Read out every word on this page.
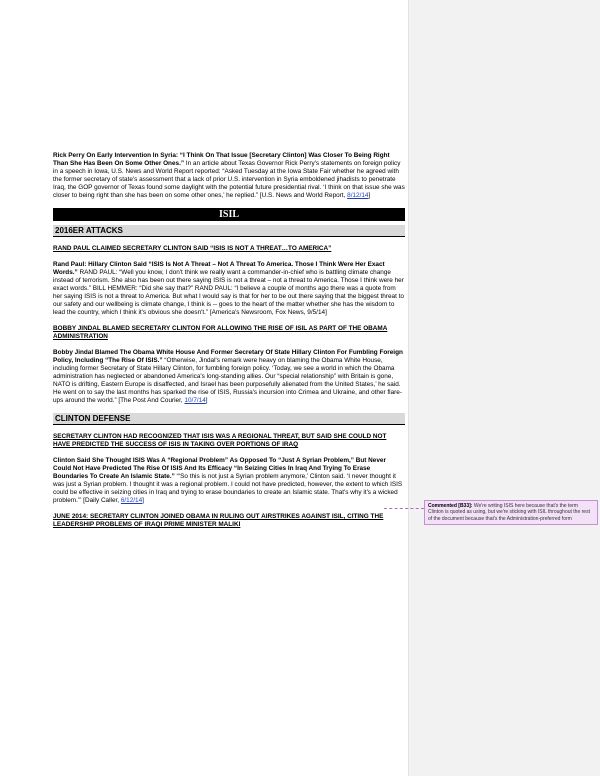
Rick Perry On Early Intervention In Syria: “I Think On That Issue [Secretary Clinton] Was Closer To Being Right Than She Has Been On Some Other Ones.” In an article about Texas Governor Rick Perry's statements on foreign policy in a speech in Iowa, U.S. News and World Report reported: “Asked Tuesday at the Iowa State Fair whether he agreed with the former secretary of state's assessment that a lack of prior U.S. intervention in Syria emboldened jihadists to penetrate Iraq, the GOP governor of Texas found some daylight with the potential future presidential rival. ‘I think on that issue she was closer to being right than she has been on some other ones,’ he replied.” [U.S. News and World Report, 8/12/14]

ISIL
2016ER ATTACKS

RAND PAUL CLAIMED SECRETARY CLINTON SAID “ISIS IS NOT A THREAT…TO AMERICA”

Rand Paul: Hillary Clinton Said “ISIS Is Not A Threat – Not A Threat To America. Those I Think Were Her Exact Words.” RAND PAUL: “Well you know, I don't think we really want a commander-in-chief who is battling climate change instead of terrorism. She also has been out there saying ISIS is not a threat – not a threat to America. Those I think were her exact words.” BILL HEMMER: “Did she say that?” RAND PAUL: “I believe a couple of months ago there was a quote from her saying ISIS is not a threat to America. But what I would say is that for her to be out there saying that the biggest threat to our safety and our wellbeing is climate change, I think is -- goes to the heart of the matter whether she has the wisdom to lead the country, which I think it's obvious she doesn't.” [America's Newsroom, Fox News, 9/5/14]

BOBBY JINDAL BLAMED SECRETARY CLINTON FOR ALLOWING THE RISE OF ISIL AS PART OF THE OBAMA ADMINISTRATION

Bobby Jindal Blamed The Obama White House And Former Secretary Of State Hillary Clinton For Fumbling Foreign Policy, Including “The Rise Of ISIS.” “Otherwise, Jindal's remark were heavy on blaming the Obama White House, including former Secretary of State Hillary Clinton, for fumbling foreign policy. ‘Today, we see a world in which the Obama administration has neglected or abandoned America's long-standing allies. Our “special relationship” with Britain is gone, NATO is drifting, Eastern Europe is disaffected, and Israel has been purposefully alienated from the United States,’ he said. He went on to say the last months has sparked the rise of ISIS, Russia's incursion into Crimea and Ukraine, and other flare-ups around the world.” [The Post And Courier, 10/7/14]

CLINTON DEFENSE

SECRETARY CLINTON HAD RECOGNIZED THAT ISIS WAS A REGIONAL THREAT, BUT SAID SHE COULD NOT HAVE PREDICTED THE SUCCESS OF ISIS IN TAKING OVER PORTIONS OF IRAQ

Clinton Said She Thought ISIS Was A “Regional Problem” As Opposed To “Just A Syrian Problem,” But Never Could Not Have Predicted The Rise Of ISIS And Its Efficacy “In Seizing Cities In Iraq And Trying To Erase Boundaries To Create An Islamic State.” “‘So this is not just a Syrian problem anymore,’ Clinton said. ‘I never thought it was just a Syrian problem. I thought it was a regional problem. I could not have predicted, however, the extent to which ISIS could be effective in seizing cities in Iraq and trying to erase boundaries to create an Islamic state. That's why it's a wicked problem.’” [Daily Caller, 6/12/14]

JUNE 2014: SECRETARY CLINTON JOINED OBAMA IN RULING OUT AIRSTRIKES AGAINST ISIL, CITING THE LEADERSHIP PROBLEMS OF IRAQI PRIME MINISTER MALIKI

Commented [B33]: We're writing ISIS here because that's the term Clinton is quoted as using, but we're sticking with ISIL throughout the rest of the document because that's the Administration-preferred form
